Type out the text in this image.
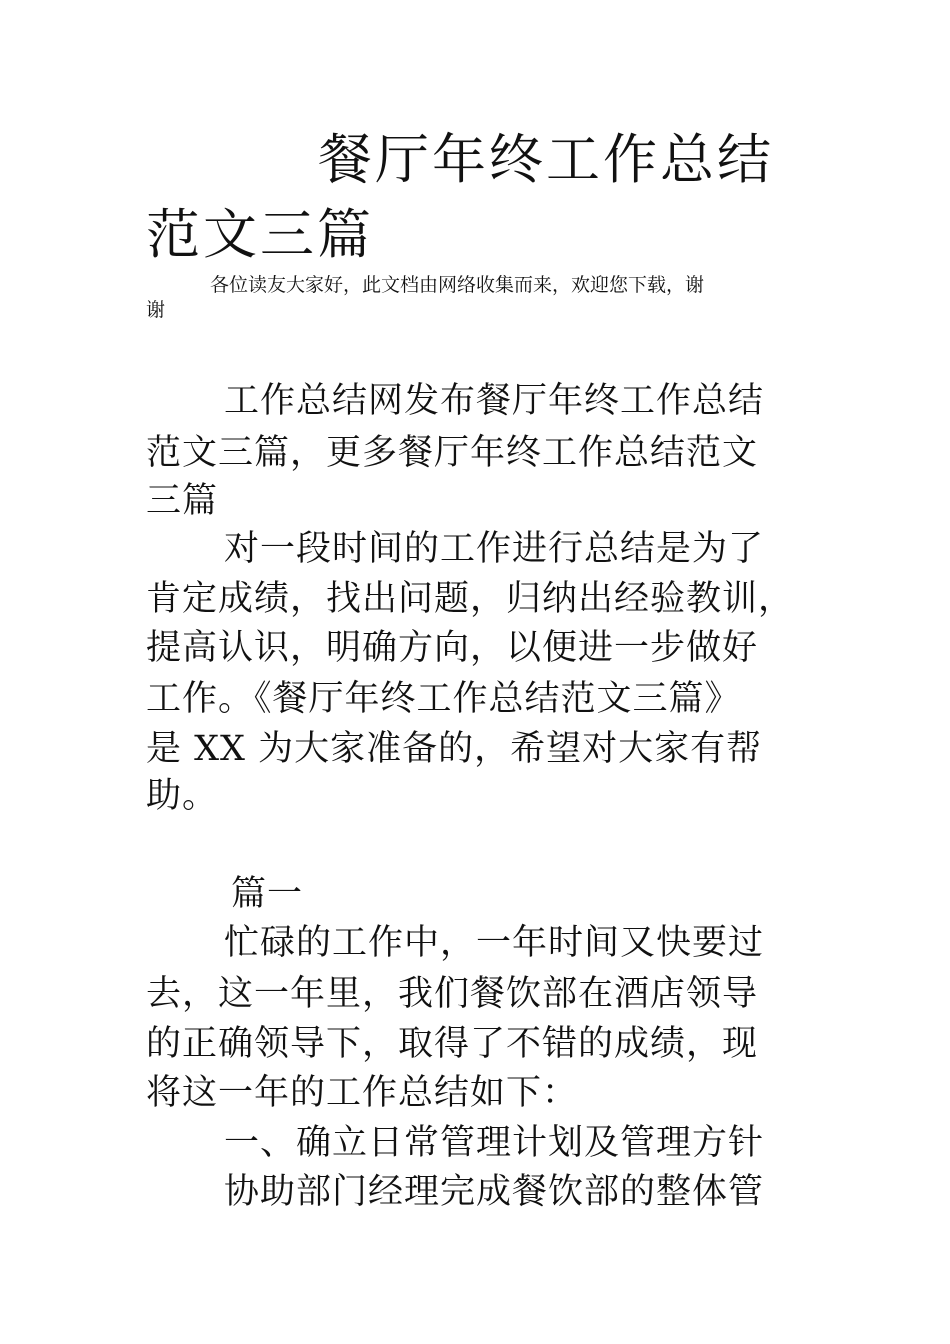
餐厅年终工作总结
范文三篇
各位读友大家好，此文档由网络收集而来，欢迎您下载，谢
谢
工作总结网发布餐厅年终工作总结
范文三篇，更多餐厅年终工作总结范文
三篇
对一段时间的工作进行总结是为了
肯定成绩，找出问题，归纳出经验教训，
提高认识，明确方向，以便进一步做好
工作。《餐厅年终工作总结范文三篇》
是 XX 为大家准备的，希望对大家有帮
助。
篇一
忙碌的工作中，一年时间又快要过
去，这一年里，我们餐饮部在酒店领导
的正确领导下，取得了不错的成绩，现
将这一年的工作总结如下：
一、确立日常管理计划及管理方针
协助部门经理完成餐饮部的整体管
